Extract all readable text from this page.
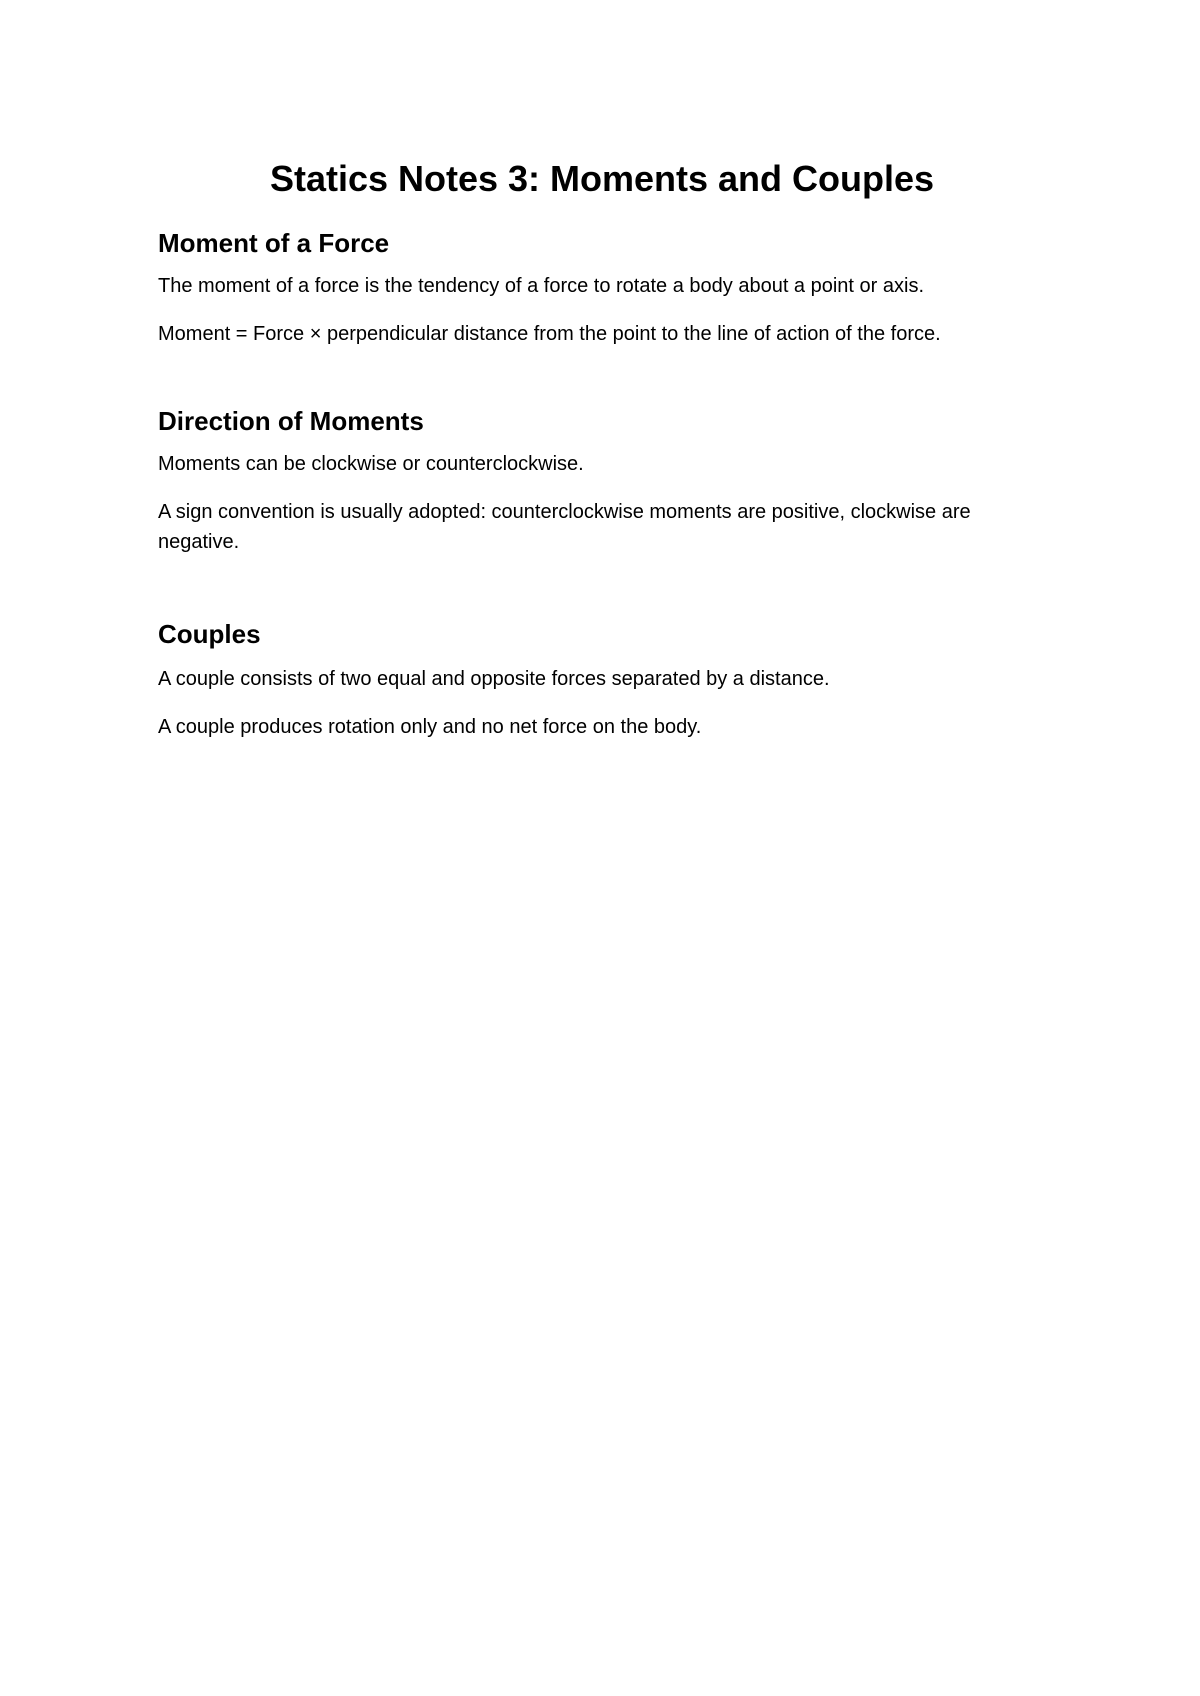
Statics Notes 3: Moments and Couples
Moment of a Force

The moment of a force is the tendency of a force to rotate a body about a point or axis.

Moment = Force × perpendicular distance from the point to the line of action of the force.

Direction of Moments

Moments can be clockwise or counterclockwise.

A sign convention is usually adopted: counterclockwise moments are positive, clockwise are negative.

Couples

A couple consists of two equal and opposite forces separated by a distance.

A couple produces rotation only and no net force on the body.
